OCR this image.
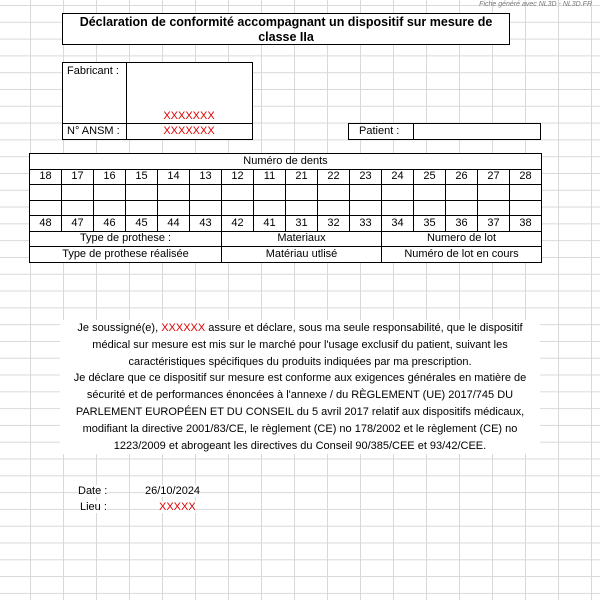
Fiche généré avec NL3D - NL3D.FR
Déclaration de conformité accompagnant un dispositif sur mesure de classe IIa
Fabricant :
XXXXXXX
N° ANSM :	XXXXXXX	Patient :
Numéro de dents															
18	17	16	15	14	13	12	11	21	22	23	24	25	26	27	28

48	47	46	45	44	43	42	41	31	32	33	34	35	36	37	38
Type de prothese :						Materiaux					Numero de lot				
Type de prothese réalisée						Matériau utlisé					Numéro de lot en cours				
Je soussigné(e), XXXXXX assure et déclare, sous ma seule responsabilité, que le dispositif médical sur mesure est mis sur le marché pour l'usage exclusif du patient, suivant les caractéristiques spécifiques du produits indiquées par ma prescription.
Je déclare que ce dispositif sur mesure est conforme aux exigences générales en matière de sécurité et de performances énoncées à l'annexe / du RÈGLEMENT (UE) 2017/745 DU PARLEMENT EUROPÉEN ET DU CONSEIL du 5 avril 2017 relatif aux dispositifs médicaux, modifiant la directive 2001/83/CE, le règlement (CE) no 178/2002 et le règlement (CE) no 1223/2009 et abrogeant les directives du Conseil 90/385/CEE et 93/42/CEE.
Date :	26/10/2024
Lieu :	XXXXX
